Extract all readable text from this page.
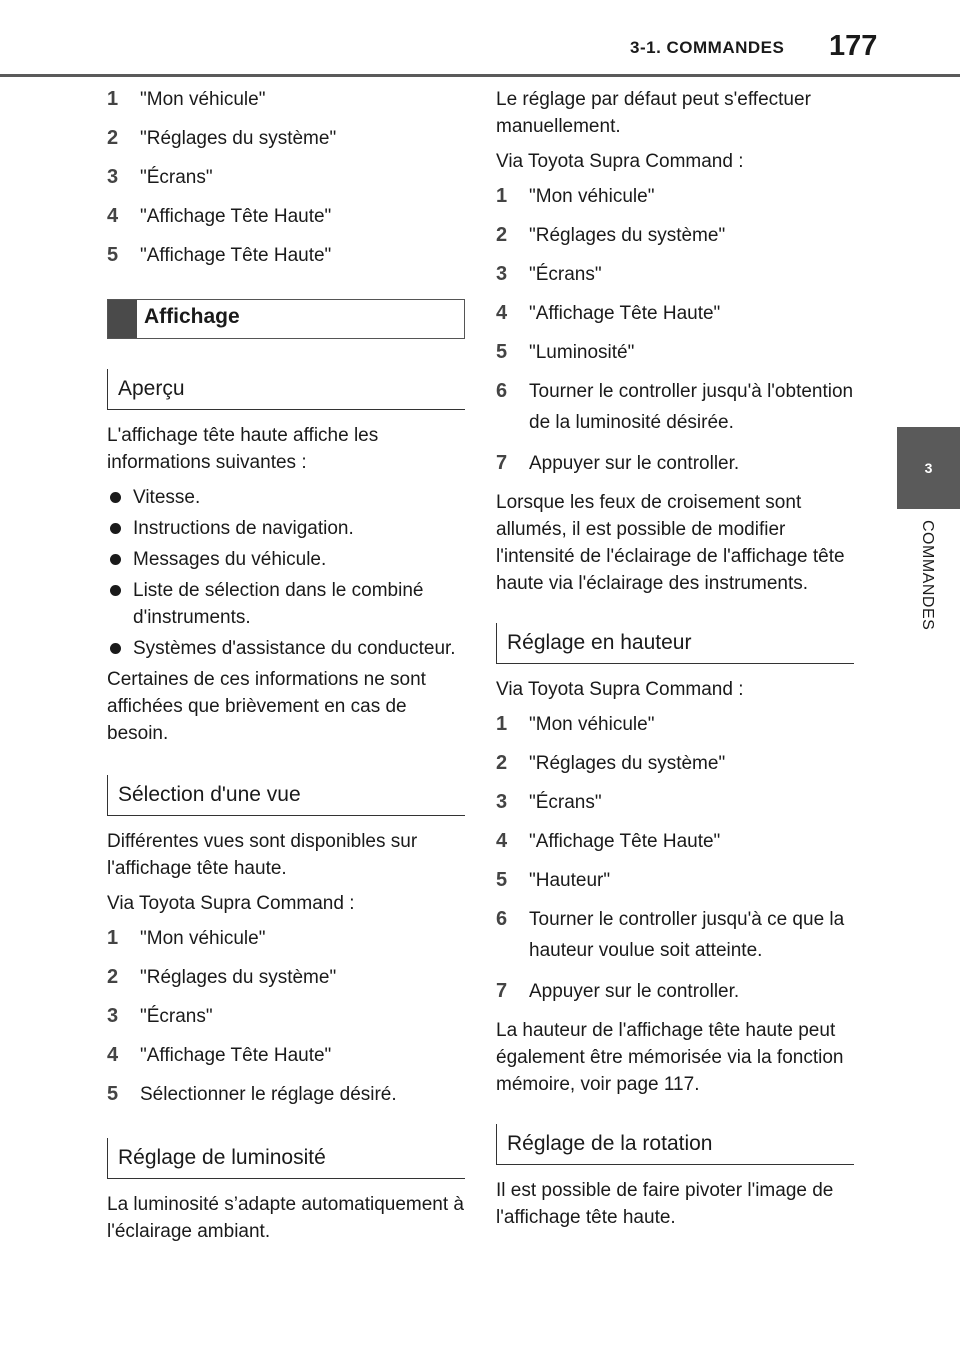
3-1. COMMANDES 177
3
COMMANDES
1	"Mon véhicule"
2	"Réglages du système"
3	"Écrans"
4	"Affichage Tête Haute"
5	"Affichage Tête Haute"
Affichage
Aperçu

L'affichage tête haute affiche les informations suivantes :

Vitesse.
Instructions de navigation.
Messages du véhicule.
Liste de sélection dans le combiné d'instruments.
Systèmes d'assistance du conducteur.

Certaines de ces informations ne sont affichées que brièvement en cas de besoin.

Sélection d'une vue

Différentes vues sont disponibles sur l'affichage tête haute.

Via Toyota Supra Command :

1	"Mon véhicule"
2	"Réglages du système"
3	"Écrans"
4	"Affichage Tête Haute"
5	Sélectionner le réglage désiré.
Réglage de luminosité

La luminosité s’adapte automatiquement à l'éclairage ambiant.

Le réglage par défaut peut s'effectuer manuellement.

Via Toyota Supra Command :

1	"Mon véhicule"
2	"Réglages du système"
3	"Écrans"
4	"Affichage Tête Haute"
5	"Luminosité"
6	Tourner le controller jusqu'à l'obtention de la luminosité désirée.
7	Appuyer sur le controller.

Lorsque les feux de croisement sont allumés, il est possible de modifier l'intensité de l'éclairage de l'affichage tête haute via l'éclairage des instruments.

Réglage en hauteur

Via Toyota Supra Command :

1	"Mon véhicule"
2	"Réglages du système"
3	"Écrans"
4	"Affichage Tête Haute"
5	"Hauteur"
6	Tourner le controller jusqu'à ce que la hauteur voulue soit atteinte.
7	Appuyer sur le controller.

La hauteur de l'affichage tête haute peut également être mémorisée via la fonction mémoire, voir page 117.

Réglage de la rotation

Il est possible de faire pivoter l'image de l'affichage tête haute.
